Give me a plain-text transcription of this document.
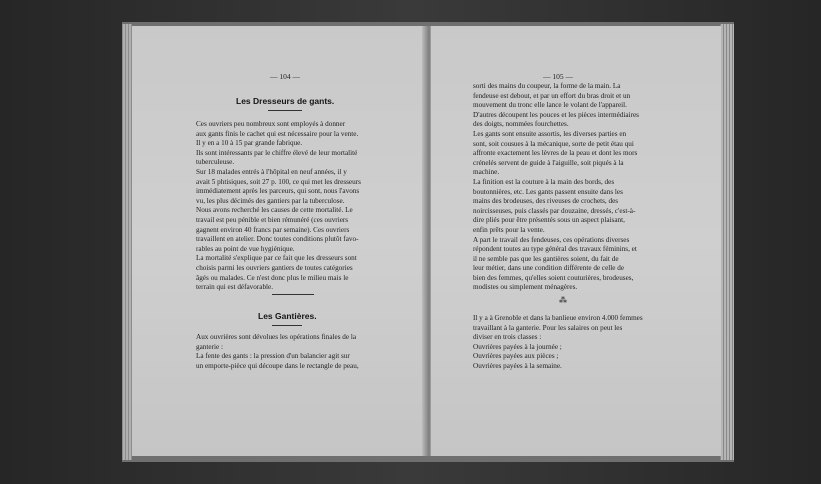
— 104 —
Les Dresseurs de gants.
Ces ouvriers peu nombreux sont employés à donner
aux gants finis le cachet qui est nécessaire pour la vente.
Il y en a 10 à 15 par grande fabrique.
Ils sont intéressants par le chiffre élevé de leur mortalité
tuberculeuse.
Sur 18 malades entrés à l'hôpital en neuf années, il y
avait 5 phtisiques, soit 27 p. 100, ce qui met les dresseurs
immédiatement après les parceurs, qui sont, nous l'avons
vu, les plus décimés des gantiers par la tuberculose.
Nous avons recherché les causes de cette mortalité. Le
travail est peu pénible et bien rémunéré (ces ouvriers
gagnent environ 40 francs par semaine). Ces ouvriers
travaillent en atelier. Donc toutes conditions plutôt favo-
rables au point de vue hygiénique.
La mortalité s'explique par ce fait que les dresseurs sont
choisis parmi les ouvriers gantiers de toutes catégories
âgés ou malades. Ce n'est donc plus le milieu mais le
terrain qui est défavorable.
Les Gantières.
Aux ouvrières sont dévolues les opérations finales de la
ganterie :
La fente des gants : la pression d'un balancier agit sur
un emporte-pièce qui découpe dans le rectangle de peau,
— 105 —
sorti des mains du coupeur, la forme de la main. La
fendeuse est debout, et par un effort du bras droit et un
mouvement du tronc elle lance le volant de l'appareil.
D'autres découpent les pouces et les pièces intermédiaires
des doigts, nommées fourchettes.
Les gants sont ensuite assortis, les diverses parties en
sont, soit cousues à la mécanique, sorte de petit étau qui
affronte exactement les lèvres de la peau et dont les mors
crénelés servent de guide à l'aiguille, soit piqués à la
machine.
La finition est la couture à la main des bords, des
boutonnières, etc. Les gants passent ensuite dans les
mains des brodeuses, des riveuses de crochets, des
noircisseuses, puis classés par douzaine, dressés, c'est-à-
dire pliés pour être présentés sous un aspect plaisant,
enfin prêts pour la vente.
A part le travail des fendeuses, ces opérations diverses
répondent toutes au type général des travaux féminins, et
il ne semble pas que les gantières soient, du fait de
leur métier, dans une condition différente de celle de
bien des femmes, qu'elles soient couturières, brodeuses,
modistes ou simplement ménagères.
⁂
Il y a à Grenoble et dans la banlieue environ 4.000 femmes
travaillant à la ganterie. Pour les salaires on peut les
diviser en trois classes :
Ouvrières payées à la journée ;
Ouvrières payées aux pièces ;
Ouvrières payées à la semaine.
